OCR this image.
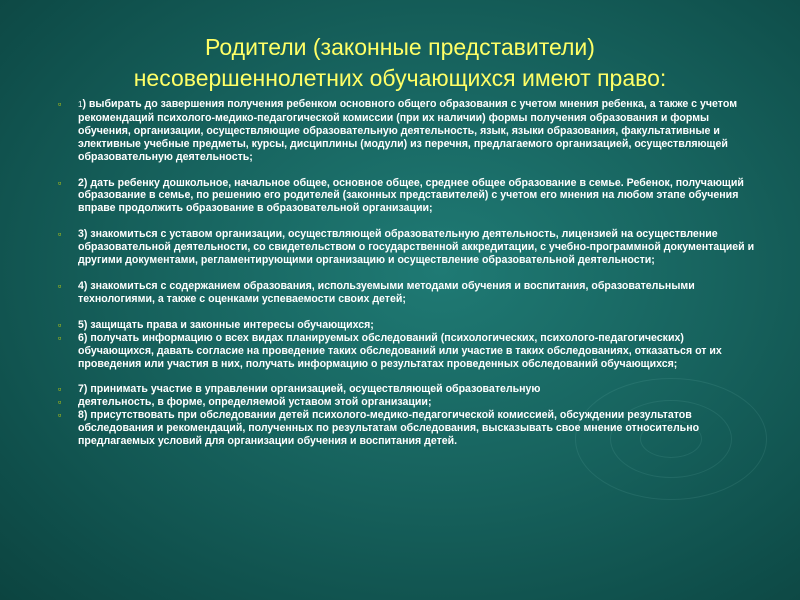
Родители (законные представители)
несовершеннолетних обучающихся имеют право:
▫ 1) выбирать до завершения получения ребенком основного общего образования с учетом мнения ребенка, а также с учетом рекомендаций психолого-медико-педагогической комиссии (при их наличии) формы получения образования и формы обучения, организации, осуществляющие образовательную деятельность, язык, языки образования, факультативные и элективные учебные предметы, курсы, дисциплины (модули) из перечня, предлагаемого организацией, осуществляющей образовательную деятельность;
▫ 2) дать ребенку дошкольное, начальное общее, основное общее, среднее общее образование в семье. Ребенок, получающий образование в семье, по решению его родителей (законных представителей) с учетом его мнения на любом этапе обучения вправе продолжить образование в образовательной организации;
▫ 3) знакомиться с уставом организации, осуществляющей образовательную деятельность, лицензией на осуществление образовательной деятельности, со свидетельством о государственной аккредитации, с учебно-программной документацией и другими документами, регламентирующими организацию и осуществление образовательной деятельности;
▫ 4) знакомиться с содержанием образования, используемыми методами обучения и воспитания, образовательными технологиями, а также с оценками успеваемости своих детей;
▫ 5) защищать права и законные интересы обучающихся;
▫ 6) получать информацию о всех видах планируемых обследований (психологических, психолого-педагогических) обучающихся, давать согласие на проведение таких обследований или участие в таких обследованиях, отказаться от их проведения или участия в них, получать информацию о результатах проведенных обследований обучающихся;
▫ 7) принимать участие в управлении организацией, осуществляющей образовательную
▫ деятельность, в форме, определяемой уставом этой организации;
▫ 8) присутствовать при обследовании детей психолого-медико-педагогической комиссией, обсуждении результатов обследования и рекомендаций, полученных по результатам обследования, высказывать свое мнение относительно предлагаемых условий для организации обучения и воспитания детей.
